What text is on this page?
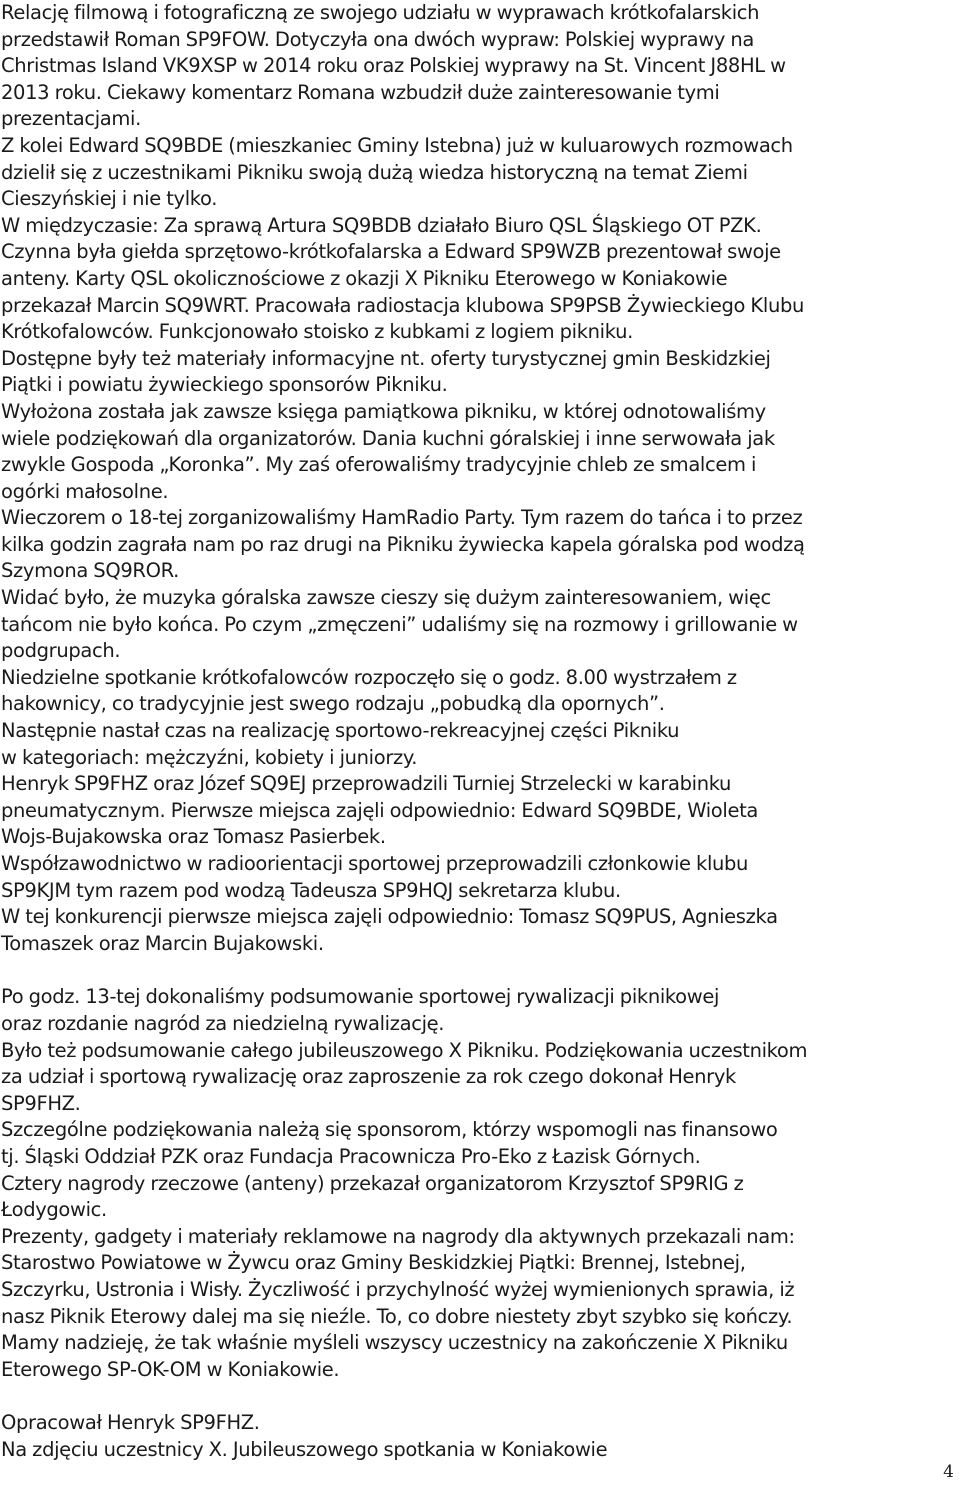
Relację filmową i fotograficzną ze swojego udziału w wyprawach krótkofalarskich
przedstawił Roman SP9FOW. Dotyczyła ona dwóch wypraw: Polskiej wyprawy na
Christmas Island VK9XSP w 2014 roku oraz Polskiej wyprawy na St. Vincent J88HL w
2013 roku. Ciekawy komentarz Romana wzbudził duże zainteresowanie tymi
prezentacjami.

Z kolei Edward SQ9BDE (mieszkaniec Gminy Istebna) już w kuluarowych rozmowach
dzielił się z uczestnikami Pikniku swoją dużą wiedza historyczną na temat Ziemi
Cieszyńskiej i nie tylko.

W międzyczasie: Za sprawą Artura SQ9BDB działało Biuro QSL Śląskiego OT PZK.
Czynna była giełda sprzętowo-krótkofalarska a Edward SP9WZB prezentował swoje
anteny. Karty QSL okolicznościowe z okazji X Pikniku Eterowego w Koniakowie
przekazał Marcin SQ9WRT. Pracowała radiostacja klubowa SP9PSB Żywieckiego Klubu
Krótkofalowców. Funkcjonowało stoisko z kubkami z logiem pikniku.
Dostępne były też materiały informacyjne nt. oferty turystycznej gmin Beskidzkiej
Piątki i powiatu żywieckiego sponsorów Pikniku.

Wyłożona została jak zawsze księga pamiątkowa pikniku, w której odnotowaliśmy
wiele podziękowań dla organizatorów. Dania kuchni góralskiej i inne serwowała jak
zwykle Gospoda „Koronka”. My zaś oferowaliśmy tradycyjnie chleb ze smalcem i
ogórki małosolne.

Wieczorem o 18-tej zorganizowaliśmy HamRadio Party. Tym razem do tańca i to przez
kilka godzin zagrała nam po raz drugi na Pikniku żywiecka kapela góralska pod wodzą
Szymona SQ9ROR.

Widać było, że muzyka góralska zawsze cieszy się dużym zainteresowaniem, więc
tańcom nie było końca. Po czym „zmęczeni” udaliśmy się na rozmowy i grillowanie w
podgrupach.

Niedzielne spotkanie krótkofalowców rozpoczęło się o godz. 8.00 wystrzałem z
hakownicy, co tradycyjnie jest swego rodzaju „pobudką dla opornych”.

Następnie nastał czas na realizację sportowo-rekreacyjnej części Pikniku
w kategoriach: mężczyźni, kobiety i juniorzy.

Henryk SP9FHZ oraz Józef SQ9EJ przeprowadzili Turniej Strzelecki w karabinku
pneumatycznym. Pierwsze miejsca zajęli odpowiednio: Edward SQ9BDE, Wioleta
Wojs-Bujakowska oraz Tomasz Pasierbek.

Współzawodnictwo w radioorientacji sportowej przeprowadzili członkowie klubu
SP9KJM tym razem pod wodzą Tadeusza SP9HQJ sekretarza klubu.

W tej konkurencji pierwsze miejsca zajęli odpowiednio: Tomasz SQ9PUS, Agnieszka
Tomaszek oraz Marcin Bujakowski.

Po godz. 13-tej dokonaliśmy podsumowanie sportowej rywalizacji piknikowej
oraz rozdanie nagród za niedzielną rywalizację.

Było też podsumowanie całego jubileuszowego X Pikniku. Podziękowania uczestnikom
za udział i sportową rywalizację oraz zaproszenie za rok czego dokonał Henryk
SP9FHZ.

Szczególne podziękowania należą się sponsorom, którzy wspomogli nas finansowo
tj. Śląski Oddział PZK oraz Fundacja Pracownicza Pro-Eko z Łazisk Górnych.

Cztery nagrody rzeczowe (anteny) przekazał organizatorom Krzysztof SP9RIG z
Łodygowic.

Prezenty, gadgety i materiały reklamowe na nagrody dla aktywnych przekazali nam:
Starostwo Powiatowe w Żywcu oraz Gminy Beskidzkiej Piątki: Brennej, Istebnej,
Szczyrku, Ustronia i Wisły. Życzliwość i przychylność wyżej wymienionych sprawia, iż
nasz Piknik Eterowy dalej ma się nieźle. To, co dobre niestety zbyt szybko się kończy.
Mamy nadzieję, że tak właśnie myśleli wszyscy uczestnicy na zakończenie X Pikniku
Eterowego SP-OK-OM w Koniakowie.

Opracował Henryk SP9FHZ.

Na zdjęciu uczestnicy X. Jubileuszowego spotkania w Koniakowie

4
